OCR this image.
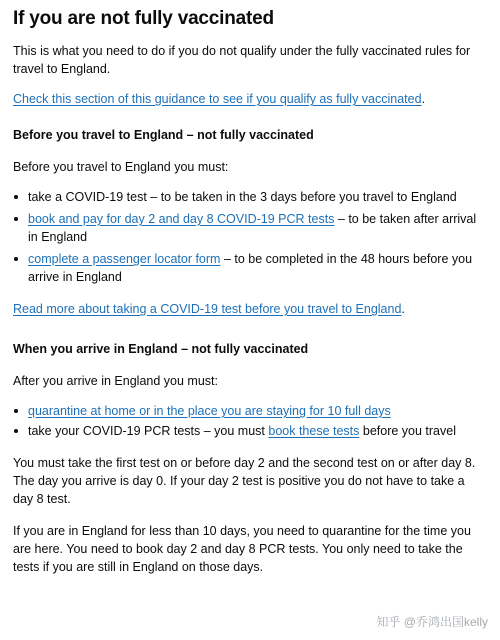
If you are not fully vaccinated

This is what you need to do if you do not qualify under the fully vaccinated rules for travel to England.

Check this section of this guidance to see if you qualify as fully vaccinated.

Before you travel to England – not fully vaccinated

Before you travel to England you must:

take a COVID-19 test – to be taken in the 3 days before you travel to England
book and pay for day 2 and day 8 COVID-19 PCR tests – to be taken after arrival in England
complete a passenger locator form – to be completed in the 48 hours before you arrive in England

Read more about taking a COVID-19 test before you travel to England.

When you arrive in England – not fully vaccinated

After you arrive in England you must:

quarantine at home or in the place you are staying for 10 full days
take your COVID-19 PCR tests – you must book these tests before you travel

You must take the first test on or before day 2 and the second test on or after day 8. The day you arrive is day 0. If your day 2 test is positive you do not have to take a day 8 test.

If you are in England for less than 10 days, you need to quarantine for the time you are here. You need to book day 2 and day 8 PCR tests. You only need to take the tests if you are still in England on those days.

知乎 @乔鸿出国kelly
